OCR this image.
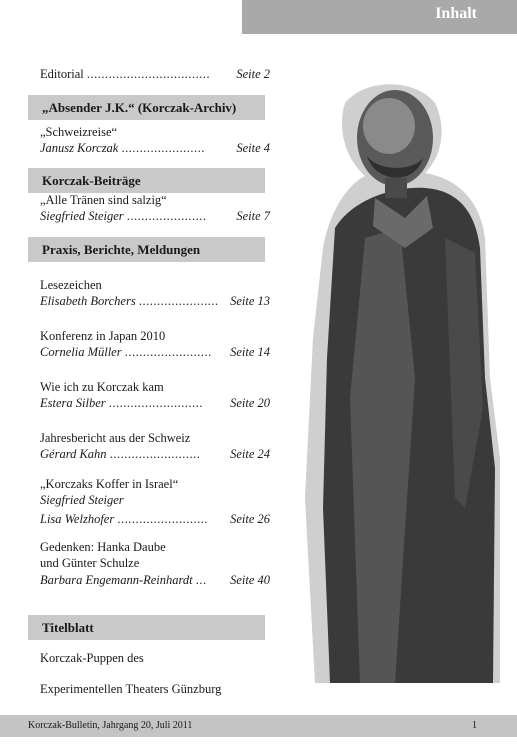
Inhalt
Editorial .................................. Seite 2
„Absender J.K.“ (Korczak-Archiv)
„Schweizreise“
Janusz Korczak .......................	Seite 4
Korczak-Beiträge
„Alle Tränen sind salzig“
Siegfried Steiger ...................... Seite 7
Praxis, Berichte, Meldungen
Lesezeichen
Elisabeth Borchers ...................... Seite 13
Konferenz in Japan 2010
Cornelia Müller ........................ Seite 14
Wie ich zu Korczak kam
Estera Silber .......................... Seite 20
Jahresbericht aus der Schweiz
Gérard Kahn ......................... Seite 24
„Korczaks Koffer in Israel“
Siegfried Steiger
Lisa Welzhofer ......................... Seite 26
Gedenken: Hanka Daube
und Günter Schulze
Barbara Engemann-Reinhardt ... Seite 40
Titelblatt
Korczak-Puppen des
Experimentellen Theaters Günzburg
Korczak-Bulletin, Jahrgang 20, Juli 2011	1
